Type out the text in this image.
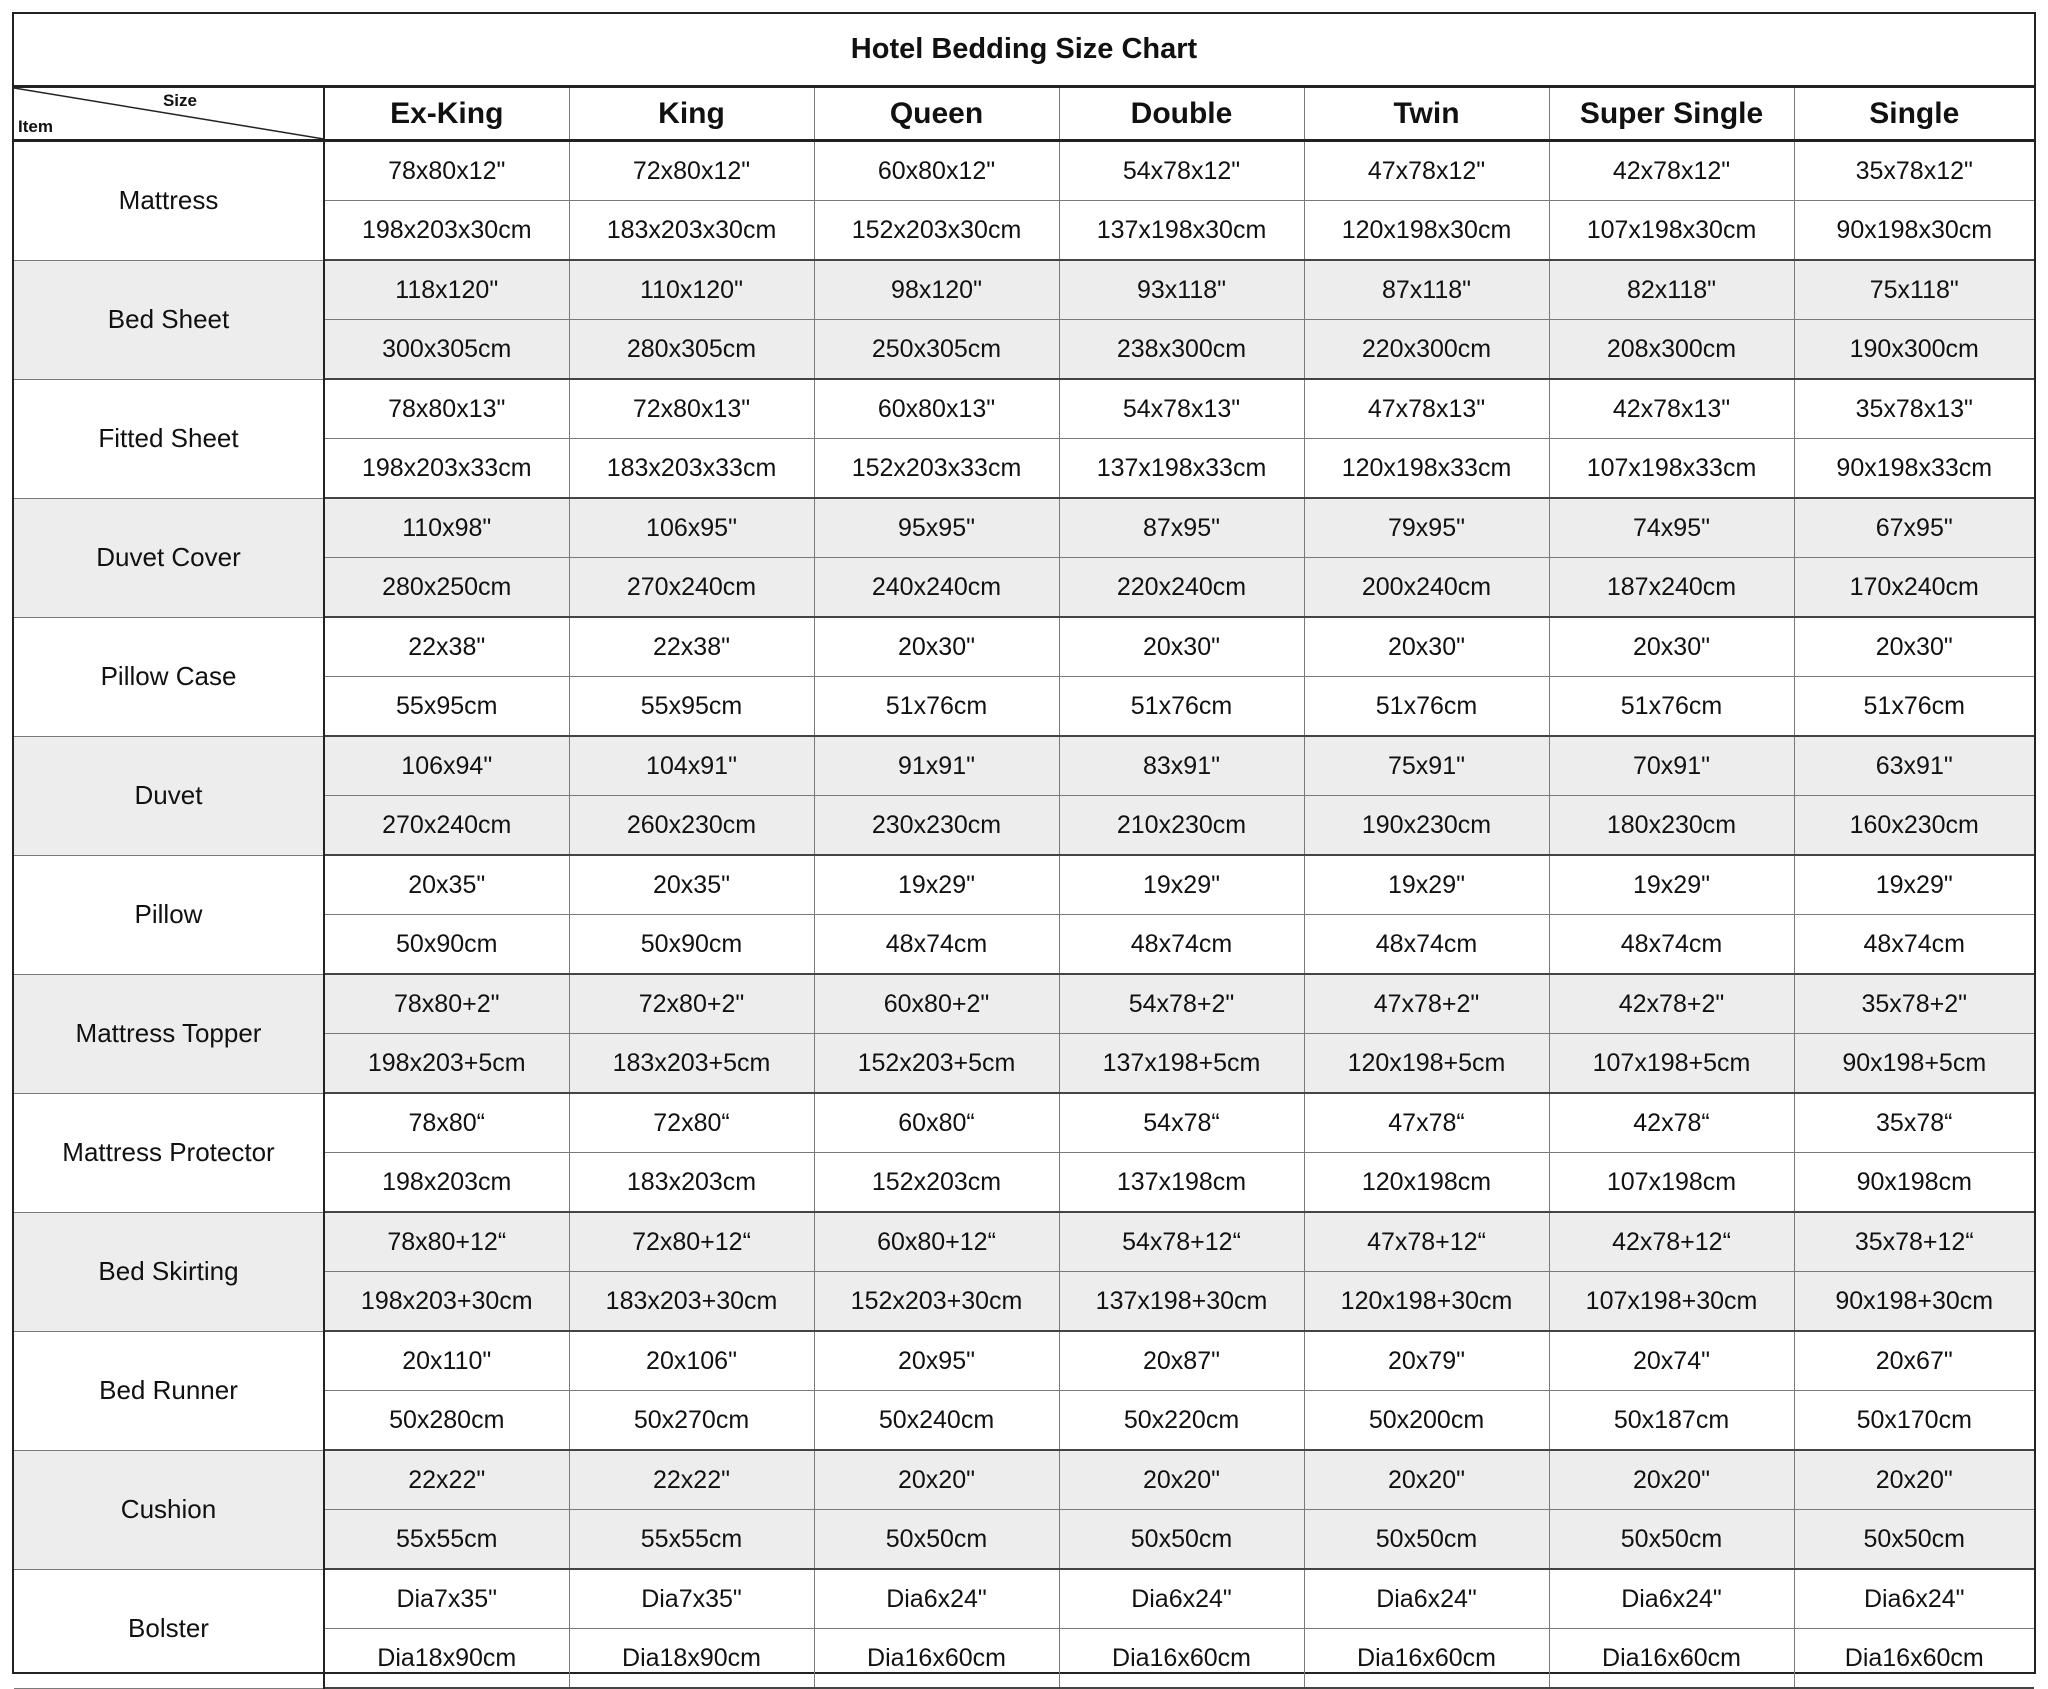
Hotel Bedding Size Chart
Size
Item	Ex-King	King	Queen	Double	Twin	Super Single	Single
Mattress	78x80x12"	72x80x12"	60x80x12"	54x78x12"	47x78x12"	42x78x12"	35x78x12"
	198x203x30cm	183x203x30cm	152x203x30cm	137x198x30cm	120x198x30cm	107x198x30cm	90x198x30cm
Bed Sheet	118x120"	110x120"	98x120"	93x118"	87x118"	82x118"	75x118"
	300x305cm	280x305cm	250x305cm	238x300cm	220x300cm	208x300cm	190x300cm
Fitted Sheet	78x80x13"	72x80x13"	60x80x13"	54x78x13"	47x78x13"	42x78x13"	35x78x13"
	198x203x33cm	183x203x33cm	152x203x33cm	137x198x33cm	120x198x33cm	107x198x33cm	90x198x33cm
Duvet Cover	110x98"	106x95"	95x95"	87x95"	79x95"	74x95"	67x95"
	280x250cm	270x240cm	240x240cm	220x240cm	200x240cm	187x240cm	170x240cm
Pillow Case	22x38"	22x38"	20x30"	20x30"	20x30"	20x30"	20x30"
	55x95cm	55x95cm	51x76cm	51x76cm	51x76cm	51x76cm	51x76cm
Duvet	106x94"	104x91"	91x91"	83x91"	75x91"	70x91"	63x91"
	270x240cm	260x230cm	230x230cm	210x230cm	190x230cm	180x230cm	160x230cm
Pillow	20x35"	20x35"	19x29"	19x29"	19x29"	19x29"	19x29"
	50x90cm	50x90cm	48x74cm	48x74cm	48x74cm	48x74cm	48x74cm
Mattress Topper	78x80+2"	72x80+2"	60x80+2"	54x78+2"	47x78+2"	42x78+2"	35x78+2"
	198x203+5cm	183x203+5cm	152x203+5cm	137x198+5cm	120x198+5cm	107x198+5cm	90x198+5cm
Mattress Protector	78x80“	72x80“	60x80“	54x78“	47x78“	42x78“	35x78“
	198x203cm	183x203cm	152x203cm	137x198cm	120x198cm	107x198cm	90x198cm
Bed Skirting	78x80+12“	72x80+12“	60x80+12“	54x78+12“	47x78+12“	42x78+12“	35x78+12“
	198x203+30cm	183x203+30cm	152x203+30cm	137x198+30cm	120x198+30cm	107x198+30cm	90x198+30cm
Bed Runner	20x110"	20x106"	20x95"	20x87"	20x79"	20x74"	20x67"
	50x280cm	50x270cm	50x240cm	50x220cm	50x200cm	50x187cm	50x170cm
Cushion	22x22"	22x22"	20x20"	20x20"	20x20"	20x20"	20x20"
	55x55cm	55x55cm	50x50cm	50x50cm	50x50cm	50x50cm	50x50cm
Bolster	Dia7x35"	Dia7x35"	Dia6x24"	Dia6x24"	Dia6x24"	Dia6x24"	Dia6x24"
	Dia18x90cm	Dia18x90cm	Dia16x60cm	Dia16x60cm	Dia16x60cm	Dia16x60cm	Dia16x60cm
